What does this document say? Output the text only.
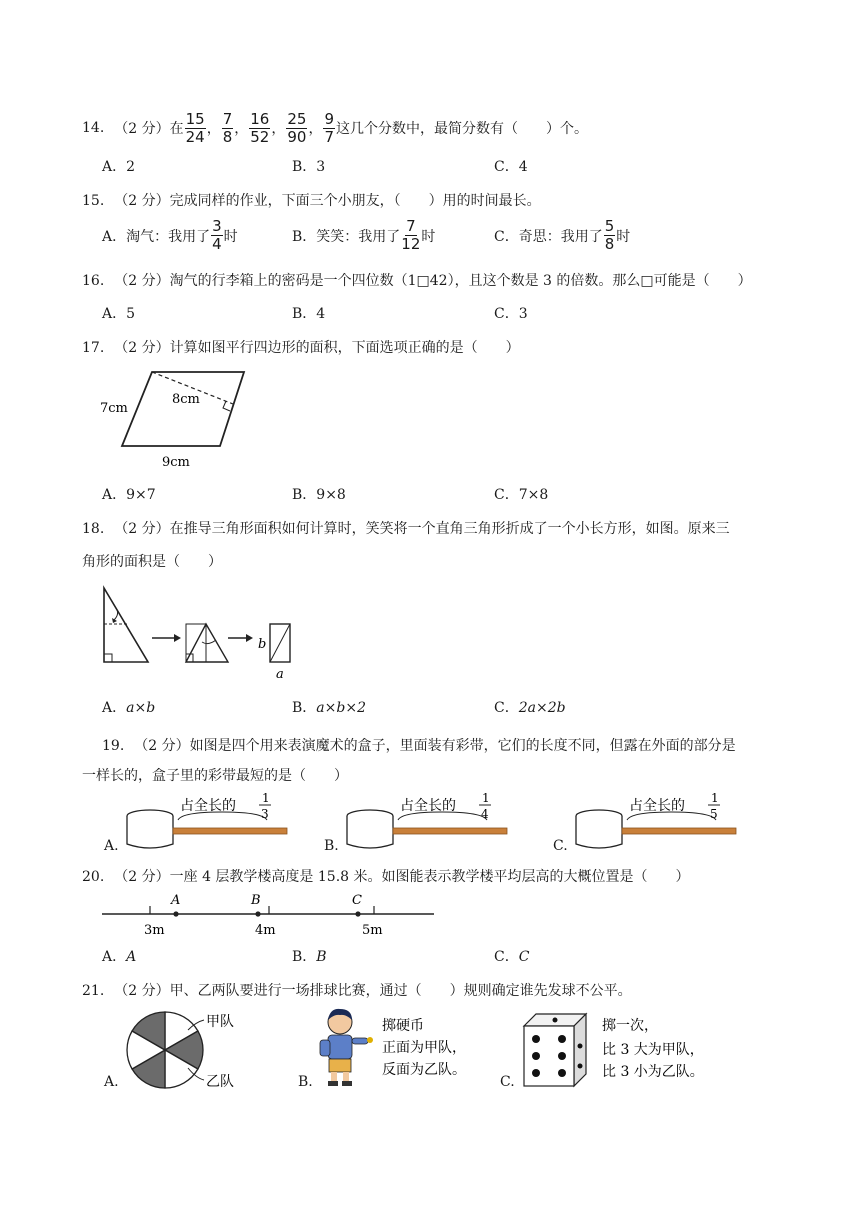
14. （2 分）在 $\frac{15}{24}$ ， $\frac{7}{8}$ ， $\frac{16}{52}$ ， $\frac{25}{90}$ ， $\frac{9}{7}$ 这几个分数中，最简分数有（　　）个。
A．2	B．3	C．4
15. （2 分）完成同样的作业，下面三个小朋友，（　　）用的时间最长。
A．淘气：我用了 $\frac{3}{4}$ 时	B．笑笑：我用了 $\frac{7}{12}$ 时	C．奇思：我用了 $\frac{5}{8}$ 时
16. （2 分）淘气的行李箱上的密码是一个四位数（1□42），且这个数是 3 的倍数。那么□可能是（　　）
A．5	B．4	C．3
17. （2 分）计算如图平行四边形的面积，下面选项正确的是（　　）
7cm
8cm
9cm
A．9×7	B．9×8	C．7×8
18. （2 分）在推导三角形面积如何计算时，笑笑将一个直角三角形折成了一个小长方形，如图。原来三
角形的面积是（　　）
b
a
A．a×b	B．a×b×2	C．2a×2b
19. （2 分）如图是四个用来表演魔术的盒子，里面装有彩带，它们的长度不同，但露在外面的部分是
一样长的，盒子里的彩带最短的是（　　）
A.
占全长的 1
3
B.
占全长的 1
4
C.
占全长的 1
5
20. （2 分）一座 4 层教学楼高度是 15.8 米。如图能表示教学楼平均层高的大概位置是（　　）
A	B	C
3m	4m	5m
A．A	B．B	C．C
21. （2 分）甲、乙两队要进行一场排球比赛，通过（　　）规则确定谁先发球不公平。
A.
甲队
乙队	B.
掷硬币
正面为甲队，
反面为乙队。
C.
掷一次，
比 3 大为甲队，
比 3 小为乙队。
